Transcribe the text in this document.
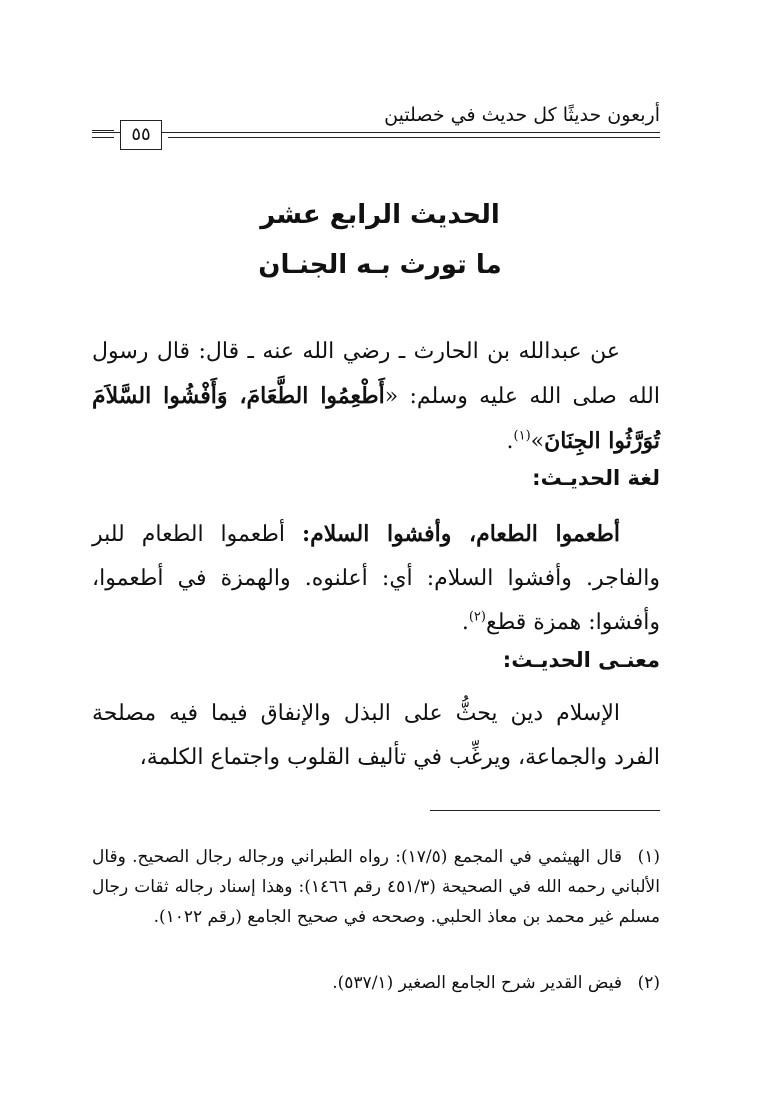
أربعون حديثًا كل حديث في خصلتين
٥٥
الحديث الرابع عشر
ما تورث بـه الجنـان
عن عبدالله بن الحارث ـ رضي الله عنه ـ قال: قال رسول الله صلى الله عليه وسلم: «أَطْعِمُوا الطَّعَامَ، وَأَفْشُوا السَّلاَمَ تُوَرَّثُوا الجِنَانَ»$^{(١)}$.
لغة الحديـث:
أطعموا الطعام، وأفشوا السلام: أطعموا الطعام للبر والفاجر. وأفشوا السلام: أي: أعلنوه. والهمزة في أطعموا، وأفشوا: همزة قطع$^{(٢)}$.
معنـى الحديـث:
الإسلام دين يحثُّ على البذل والإنفاق فيما فيه مصلحة الفرد والجماعة، ويرغِّب في تأليف القلوب واجتماع الكلمة،
(١)قال الهيثمي في المجمع (١٧/٥): رواه الطبراني ورجاله رجال الصحيح. وقال الألباني رحمه الله في الصحيحة (٤٥١/٣ رقم ١٤٦٦): وهذا إسناد رجاله ثقات رجال مسلم غير محمد بن معاذ الحلبي. وصححه في صحيح الجامع (رقم ١٠٢٢).
(٢)فيض القدير شرح الجامع الصغير (٥٣٧/١).
